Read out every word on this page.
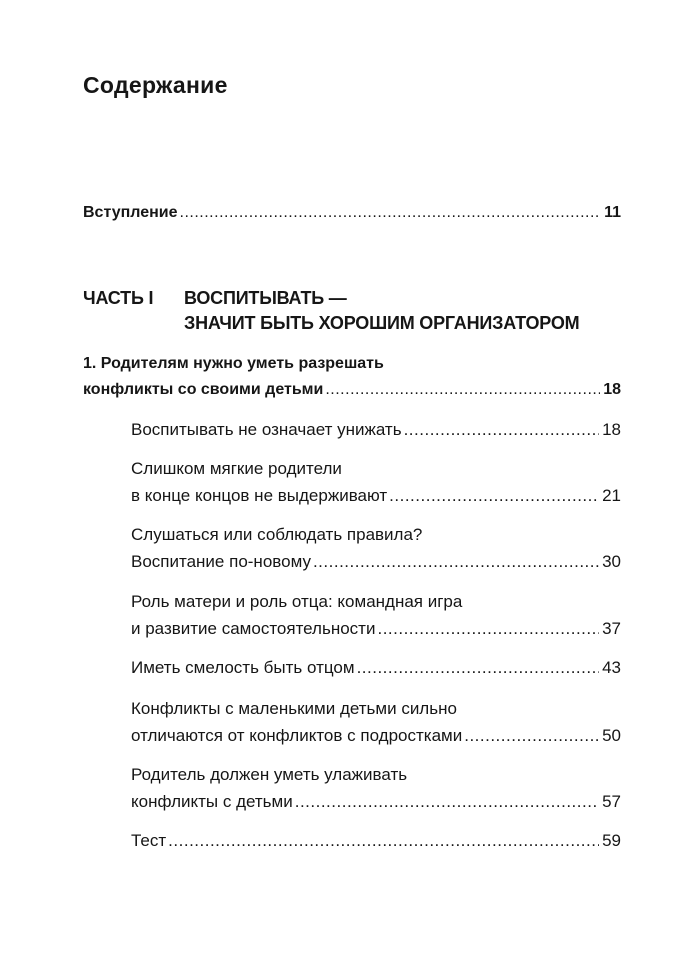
Содержание
Вступление .....	11
ЧАСТЬ I ВОСПИТЫВАТЬ —
ЗНАЧИТ БЫТЬ ХОРОШИМ ОРГАНИЗАТОРОМ
1. Родителям нужно уметь разрешать
конфликты со своими детьми .....	18
Воспитывать не означает унижать .....	18
Слишком мягкие родители
в конце концов не выдерживают .....	21
Слушаться или соблюдать правила?
Воспитание по-новому .....	30
Роль матери и роль отца: командная игра
и развитие самостоятельности .....	37
Иметь смелость быть отцом .....	43
Конфликты с маленькими детьми сильно
отличаются от конфликтов с подростками .....	50
Родитель должен уметь улаживать
конфликты с детьми .....	57
Тест .....	59
